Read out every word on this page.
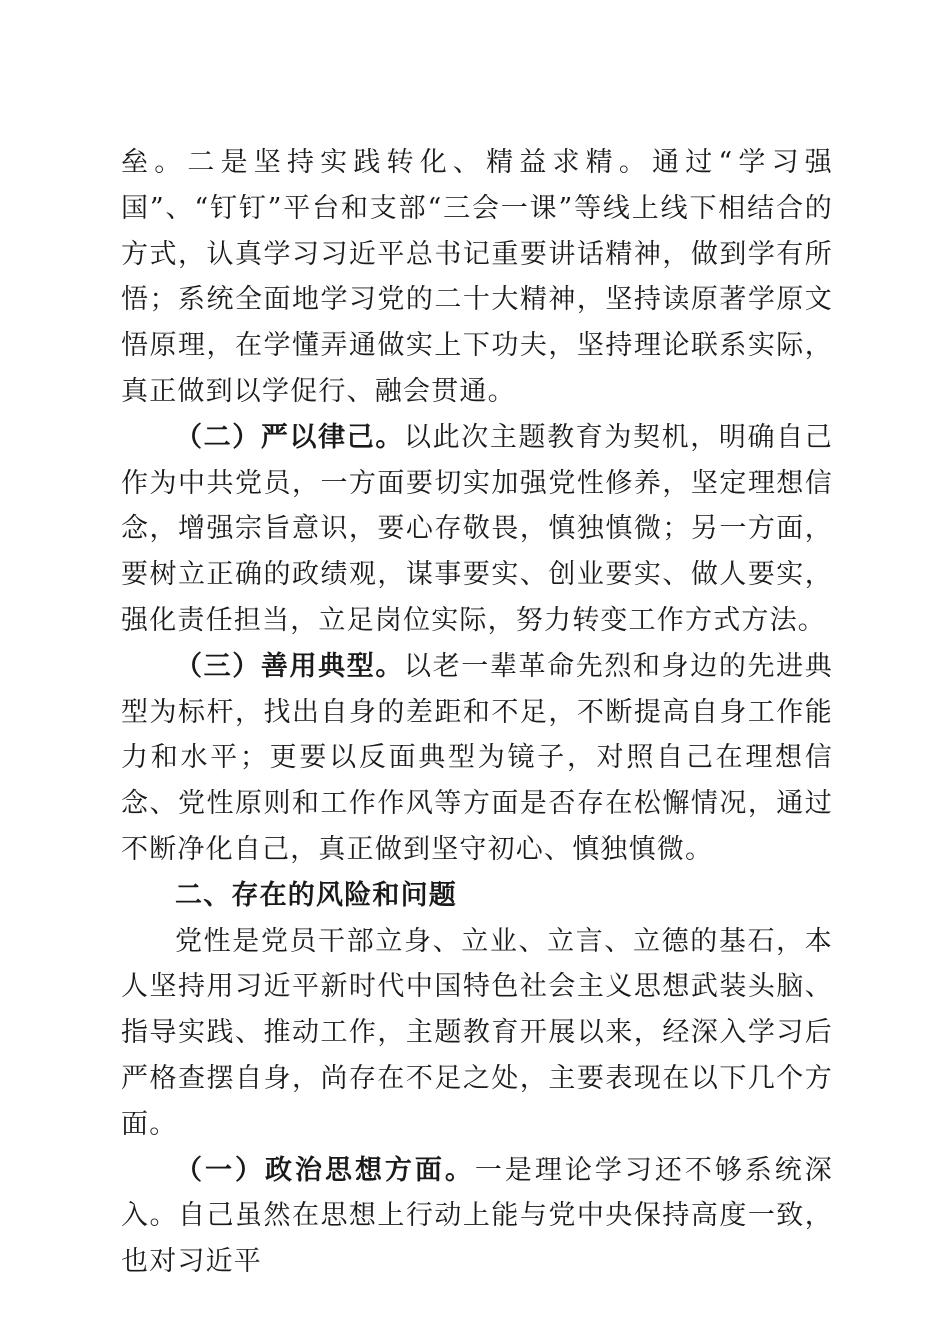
垒。二是坚持实践转化、精益求精。通过“学习强国”、“钉钉”平台和支部“三会一课”等线上线下相结合的方式，认真学习习近平总书记重要讲话精神，做到学有所悟；系统全面地学习党的二十大精神，坚持读原著学原文悟原理，在学懂弄通做实上下功夫，坚持理论联系实际，真正做到以学促行、融会贯通。

（二）严以律己。以此次主题教育为契机，明确自己作为中共党员，一方面要切实加强党性修养，坚定理想信念，增强宗旨意识，要心存敬畏，慎独慎微；另一方面，要树立正确的政绩观，谋事要实、创业要实、做人要实，强化责任担当，立足岗位实际，努力转变工作方式方法。

（三）善用典型。以老一辈革命先烈和身边的先进典型为标杆，找出自身的差距和不足，不断提高自身工作能力和水平；更要以反面典型为镜子，对照自己在理想信念、党性原则和工作作风等方面是否存在松懈情况，通过不断净化自己，真正做到坚守初心、慎独慎微。

二、存在的风险和问题

党性是党员干部立身、立业、立言、立德的基石，本人坚持用习近平新时代中国特色社会主义思想武装头脑、指导实践、推动工作，主题教育开展以来，经深入学习后严格查摆自身，尚存在不足之处，主要表现在以下几个方面。

（一）政治思想方面。一是理论学习还不够系统深入。自己虽然在思想上行动上能与党中央保持高度一致，也对习近平
